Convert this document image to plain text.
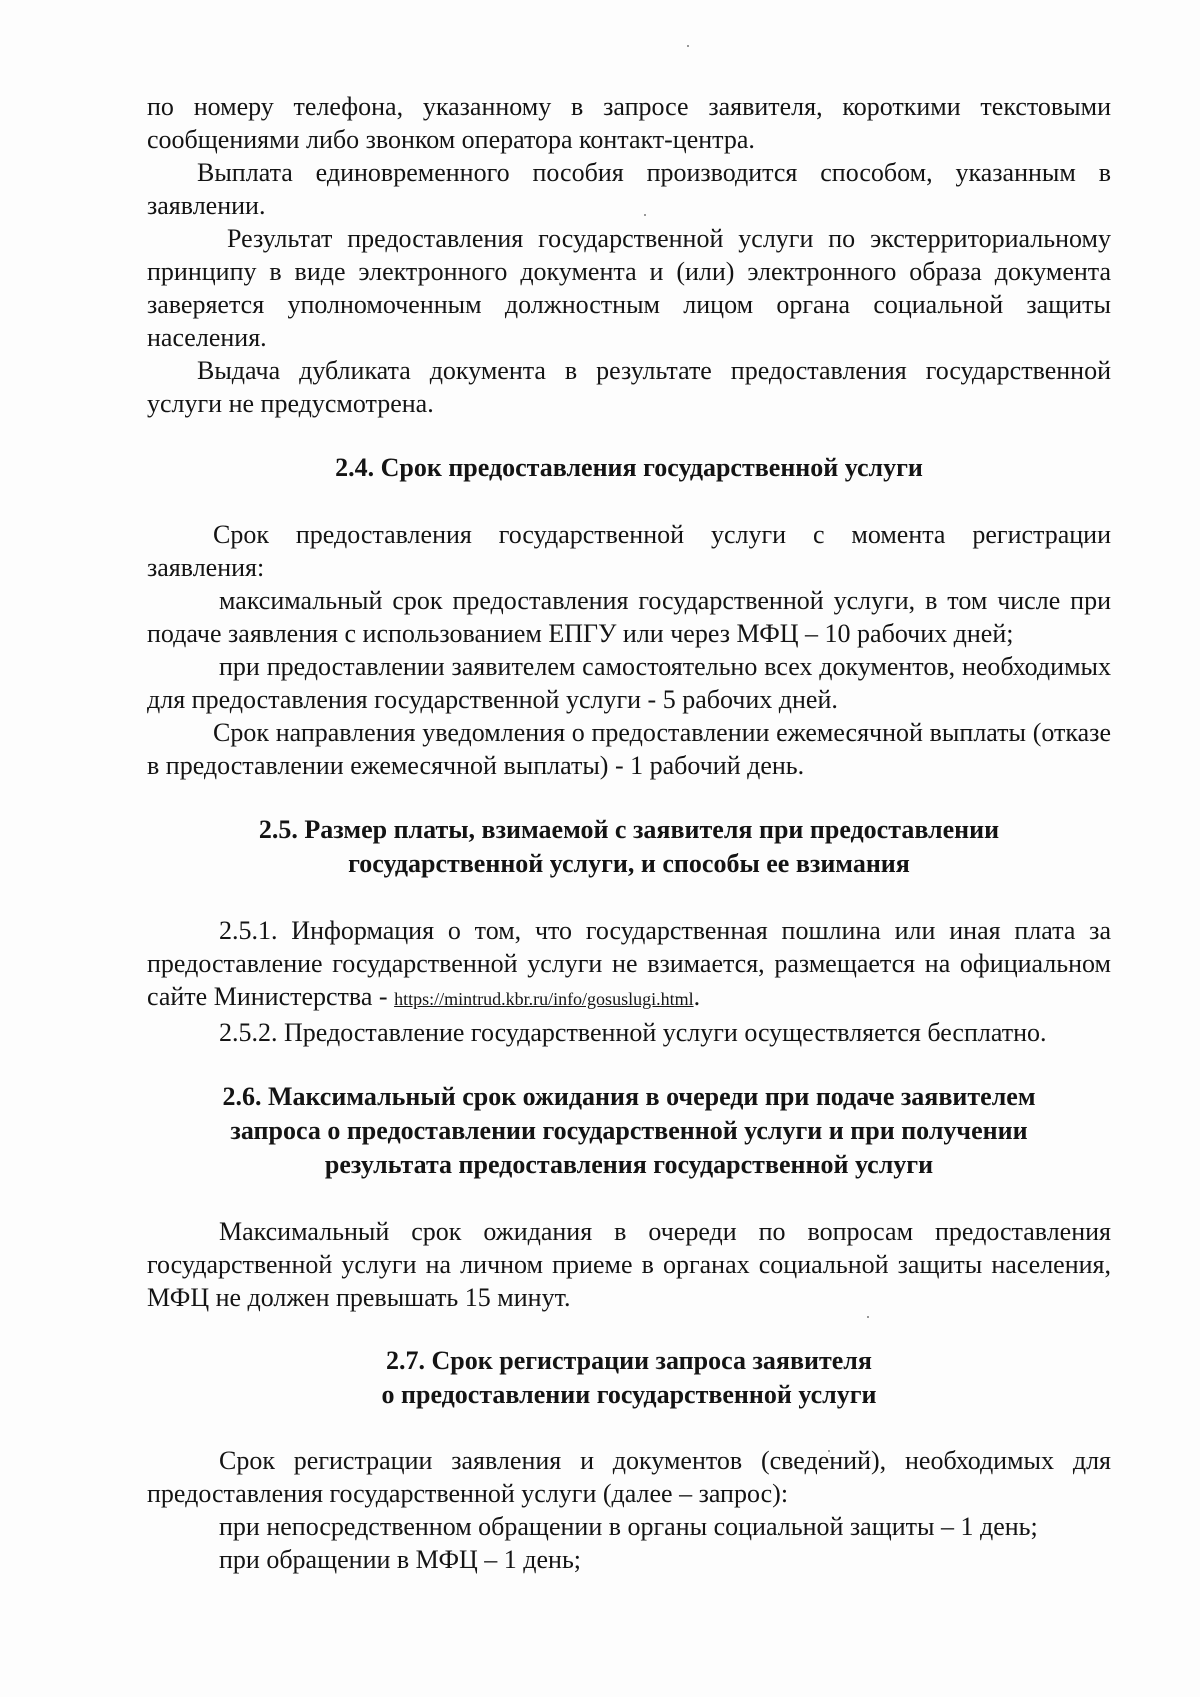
по номеру телефона, указанному в запросе заявителя, короткими текстовыми сообщениями либо звонком оператора контакт-центра.

Выплата единовременного пособия производится способом, указанным в заявлении.

Результат предоставления государственной услуги по экстерриториальному принципу в виде электронного документа и (или) электронного образа документа заверяется уполномоченным должностным лицом органа социальной защиты населения.

Выдача дубликата документа в результате предоставления государственной услуги не предусмотрена.

2.4. Срок предоставления государственной услуги

Срок предоставления государственной услуги с момента регистрации заявления:

максимальный срок предоставления государственной услуги, в том числе при подаче заявления с использованием ЕПГУ или через МФЦ – 10 рабочих дней;

при предоставлении заявителем самостоятельно всех документов, необходимых для предоставления государственной услуги - 5 рабочих дней.

Срок направления уведомления о предоставлении ежемесячной выплаты (отказе в предоставлении ежемесячной выплаты) - 1 рабочий день.

2.5. Размер платы, взимаемой с заявителя при предоставлении
государственной услуги, и способы ее взимания

2.5.1. Информация о том, что государственная пошлина или иная плата за предоставление государственной услуги не взимается, размещается на официальном сайте Министерства - https://mintrud.kbr.ru/info/gosuslugi.html.

2.5.2. Предоставление государственной услуги осуществляется бесплатно.

2.6. Максимальный срок ожидания в очереди при подаче заявителем
запроса о предоставлении государственной услуги и при получении
результата предоставления государственной услуги

Максимальный срок ожидания в очереди по вопросам предоставления государственной услуги на личном приеме в органах социальной защиты населения, МФЦ не должен превышать 15 минут.

2.7. Срок регистрации запроса заявителя
о предоставлении государственной услуги

Срок регистрации заявления и документов (сведений), необходимых для предоставления государственной услуги (далее – запрос):

при непосредственном обращении в органы социальной защиты – 1 день;

при обращении в МФЦ – 1 день;
